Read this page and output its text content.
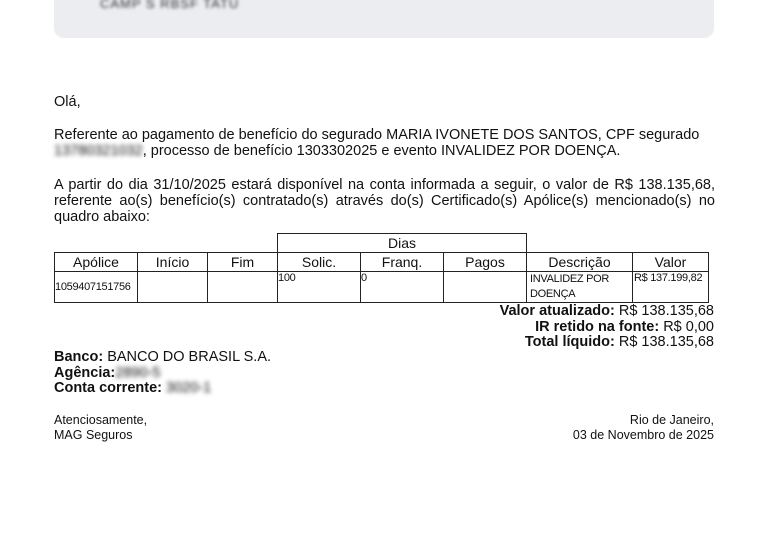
CAMP S RBSF TATU
Olá,
Referente ao pagamento de benefício do segurado MARIA IVONETE DOS SANTOS, CPF segurado
13780321032, processo de benefício 1303302025 e evento INVALIDEZ POR DOENÇA.
A partir do dia 31/10/2025 estará disponível na conta informada a seguir, o valor de R$ 138.135,68, referente ao(s) benefício(s) contratado(s) através do(s) Certificado(s) Apólice(s) mencionado(s) no quadro abaixo:
			Dias				
Apólice	Início	Fim	Solic.	Franq.	Pagos	Descrição	Valor
1059407151756			100	0		INVALIDEZ POR DOENÇA	R$ 137.199,82
Valor atualizado: R$ 138.135,68
IR retido na fonte: R$ 0,00
Total líquido: R$ 138.135,68
Banco: BANCO DO BRASIL S.A.
Agência:2890-5
Conta corrente: 3020-1
Atenciosamente,
MAG Seguros
Rio de Janeiro,
03 de Novembro de 2025
